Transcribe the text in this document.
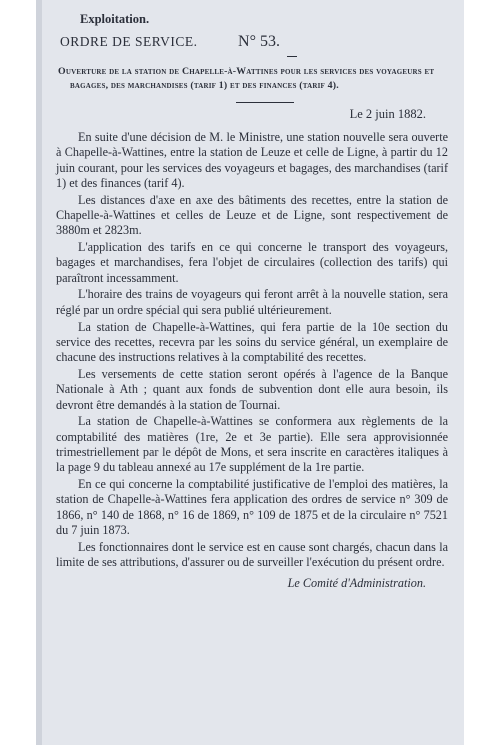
Exploitation.
ORDRE DE SERVICE.	N° 53.
Ouverture de la station de Chapelle-à-Wattines pour les services des voyageurs et bagages, des marchandises (tarif 1) et des finances (tarif 4).
Le 2 juin 1882.

En suite d'une décision de M. le Ministre, une station nouvelle sera ouverte à Chapelle-à-Wattines, entre la station de Leuze et celle de Ligne, à partir du 12 juin courant, pour les services des voyageurs et bagages, des marchandises (tarif 1) et des finances (tarif 4).

Les distances d'axe en axe des bâtiments des recettes, entre la station de Chapelle-à-Wattines et celles de Leuze et de Ligne, sont respectivement de 3880m et 2823m.

L'application des tarifs en ce qui concerne le transport des voyageurs, bagages et marchandises, fera l'objet de circulaires (collection des tarifs) qui paraîtront incessamment.

L'horaire des trains de voyageurs qui feront arrêt à la nouvelle station, sera réglé par un ordre spécial qui sera publié ultérieurement.

La station de Chapelle-à-Wattines, qui fera partie de la 10e section du service des recettes, recevra par les soins du service général, un exemplaire de chacune des instructions relatives à la comptabilité des recettes.

Les versements de cette station seront opérés à l'agence de la Banque Nationale à Ath ; quant aux fonds de subvention dont elle aura besoin, ils devront être demandés à la station de Tournai.

La station de Chapelle-à-Wattines se conformera aux règlements de la comptabilité des matières (1re, 2e et 3e partie). Elle sera approvisionnée trimestriellement par le dépôt de Mons, et sera inscrite en caractères italiques à la page 9 du tableau annexé au 17e supplément de la 1re partie.

En ce qui concerne la comptabilité justificative de l'emploi des matières, la station de Chapelle-à-Wattines fera application des ordres de service n° 309 de 1866, n° 140 de 1868, n° 16 de 1869, n° 109 de 1875 et de la circulaire n° 7521 du 7 juin 1873.

Les fonctionnaires dont le service est en cause sont chargés, chacun dans la limite de ses attributions, d'assurer ou de surveiller l'exécution du présent ordre.

Le Comité d'Administration.
